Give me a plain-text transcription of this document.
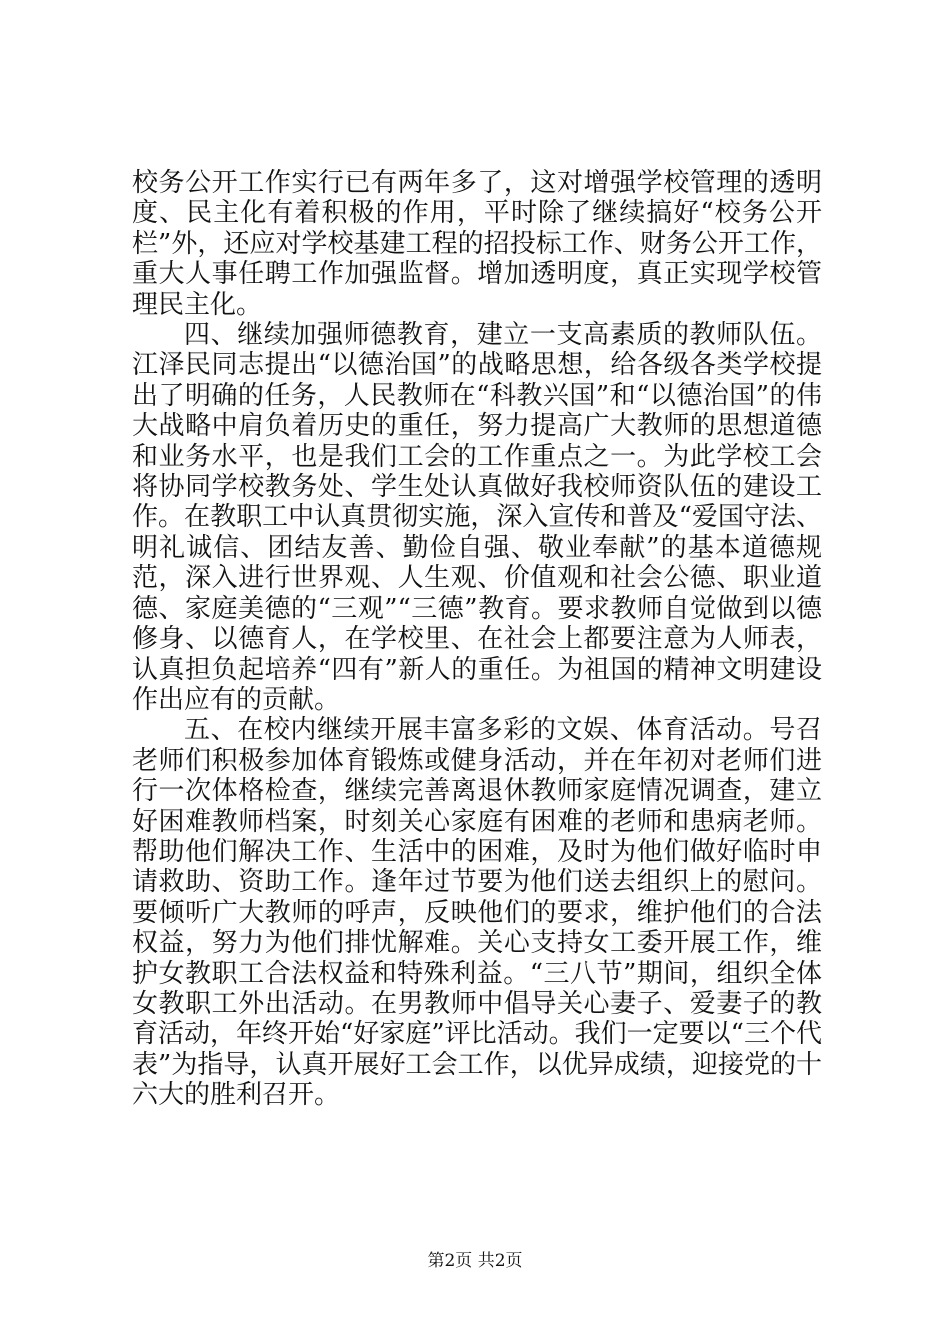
校务公开工作实行已有两年多了，这对增强学校管理的透明度、民主化有着积极的作用，平时除了继续搞好“校务公开栏”外，还应对学校基建工程的招投标工作、财务公开工作，重大人事任聘工作加强监督。增加透明度，真正实现学校管理民主化。

四、继续加强师德教育，建立一支高素质的教师队伍。江泽民同志提出“以德治国”的战略思想，给各级各类学校提出了明确的任务，人民教师在“科教兴国”和“以德治国”的伟大战略中肩负着历史的重任，努力提高广大教师的思想道德和业务水平，也是我们工会的工作重点之一。为此学校工会将协同学校教务处、学生处认真做好我校师资队伍的建设工作。在教职工中认真贯彻实施，深入宣传和普及“爱国守法、明礼诚信、团结友善、勤俭自强、敬业奉献”的基本道德规范，深入进行世界观、人生观、价值观和社会公德、职业道德、家庭美德的“三观”“三德”教育。要求教师自觉做到以德修身、以德育人，在学校里、在社会上都要注意为人师表，认真担负起培养“四有”新人的重任。为祖国的精神文明建设作出应有的贡献。

五、在校内继续开展丰富多彩的文娱、体育活动。号召老师们积极参加体育锻炼或健身活动，并在年初对老师们进行一次体格检查，继续完善离退休教师家庭情况调查，建立好困难教师档案，时刻关心家庭有困难的老师和患病老师。帮助他们解决工作、生活中的困难，及时为他们做好临时申请救助、资助工作。逢年过节要为他们送去组织上的慰问。要倾听广大教师的呼声，反映他们的要求，维护他们的合法权益，努力为他们排忧解难。关心支持女工委开展工作，维护女教职工合法权益和特殊利益。“三八节”期间，组织全体女教职工外出活动。在男教师中倡导关心妻子、爱妻子的教育活动，年终开始“好家庭”评比活动。我们一定要以“三个代表”为指导，认真开展好工会工作，以优异成绩，迎接党的十六大的胜利召开。

第2页 共2页
